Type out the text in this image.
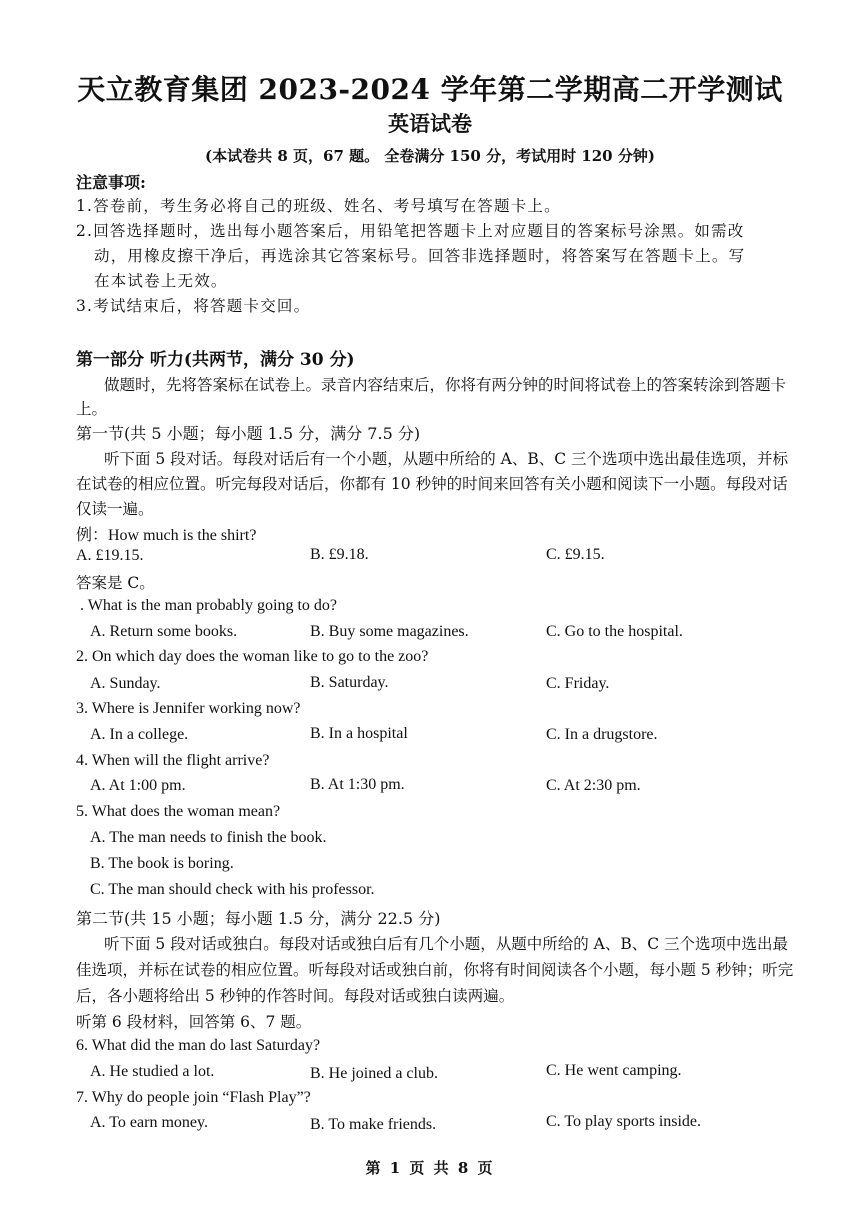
天立教育集团 2023-2024 学年第二学期高二开学测试
英语试卷
(本试卷共 8 页，67 题。 全卷满分 150 分，考试用时 120 分钟)
注意事项:
1.答卷前，考生务必将自己的班级、姓名、考号填写在答题卡上。
2.回答选择题时，选出每小题答案后，用铅笔把答题卡上对应题目的答案标号涂黑。如需改
动，用橡皮擦干净后，再选涂其它答案标号。回答非选择题时，将答案写在答题卡上。写
在本试卷上无效。
3.考试结束后，将答题卡交回。
第一部分 听力(共两节，满分 30 分)
做题时，先将答案标在试卷上。录音内容结束后，你将有两分钟的时间将试卷上的答案转涂到答题卡
上。
第一节(共 5 小题；每小题 1.5 分，满分 7.5 分)
听下面 5 段对话。每段对话后有一个小题，从题中所给的 A、B、C 三个选项中选出最佳选项，并标
在试卷的相应位置。听完每段对话后，你都有 10 秒钟的时间来回答有关小题和阅读下一小题。每段对话
仅读一遍。
例：How much is the shirt?
A. £19.15.	B. £9.18.	C. £9.15.
答案是 C。
. What is the man probably going to do?
A. Return some books.	B. Buy some magazines.	C. Go to the hospital.
2. On which day does the woman like to go to the zoo?
A. Sunday.	B. Saturday.	C. Friday.
3. Where is Jennifer working now?
A. In a college.	B. In a hospital	C. In a drugstore.
4. When will the flight arrive?
A. At 1:00 pm.	B. At 1:30 pm.	C. At 2:30 pm.
5. What does the woman mean?
A. The man needs to finish the book.
B. The book is boring.
C. The man should check with his professor.
第二节(共 15 小题；每小题 1.5 分，满分 22.5 分)
听下面 5 段对话或独白。每段对话或独白后有几个小题，从题中所给的 A、B、C 三个选项中选出最
佳选项，并标在试卷的相应位置。听每段对话或独白前，你将有时间阅读各个小题，每小题 5 秒钟；听完
后，各小题将给出 5 秒钟的作答时间。每段对话或独白读两遍。
听第 6 段材料，回答第 6、7 题。
6. What did the man do last Saturday?
A. He studied a lot.	B. He joined a club.	C. He went camping.
7. Why do people join “Flash Play”?
A. To earn money.	B. To make friends.	C. To play sports inside.
第 1 页 共 8 页
